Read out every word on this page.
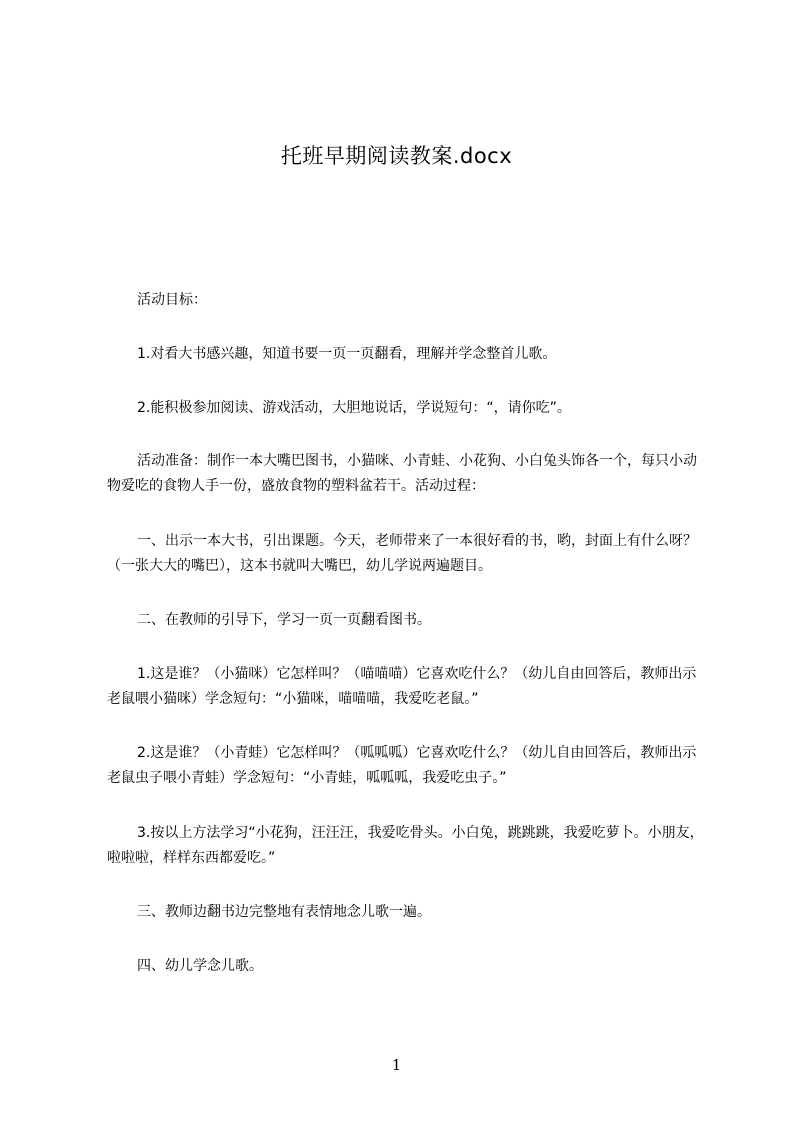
托班早期阅读教案.docx
活动目标：
1.对看大书感兴趣，知道书要一页一页翻看，理解并学念整首儿歌。
2.能积极参加阅读、游戏活动，大胆地说话，学说短句：“，请你吃”。
活动准备：制作一本大嘴巴图书，小猫咪、小青蛙、小花狗、小白兔头饰各一个，每只小动物爱吃的食物人手一份，盛放食物的塑料盆若干。活动过程：
一、出示一本大书，引出课题。今天，老师带来了一本很好看的书，哟，封面上有什么呀？（一张大大的嘴巴），这本书就叫大嘴巴，幼儿学说两遍题目。
二、在教师的引导下，学习一页一页翻看图书。
1.这是谁？（小猫咪）它怎样叫？（喵喵喵）它喜欢吃什么？（幼儿自由回答后，教师出示老鼠喂小猫咪）学念短句：“小猫咪，喵喵喵，我爱吃老鼠。”
2.这是谁？（小青蛙）它怎样叫？（呱呱呱）它喜欢吃什么？（幼儿自由回答后，教师出示老鼠虫子喂小青蛙）学念短句：“小青蛙，呱呱呱，我爱吃虫子。”
3.按以上方法学习“小花狗，汪汪汪，我爱吃骨头。小白兔，跳跳跳，我爱吃萝卜。小朋友，啦啦啦，样样东西都爱吃。”
三、教师边翻书边完整地有表情地念儿歌一遍。
四、幼儿学念儿歌。
1
